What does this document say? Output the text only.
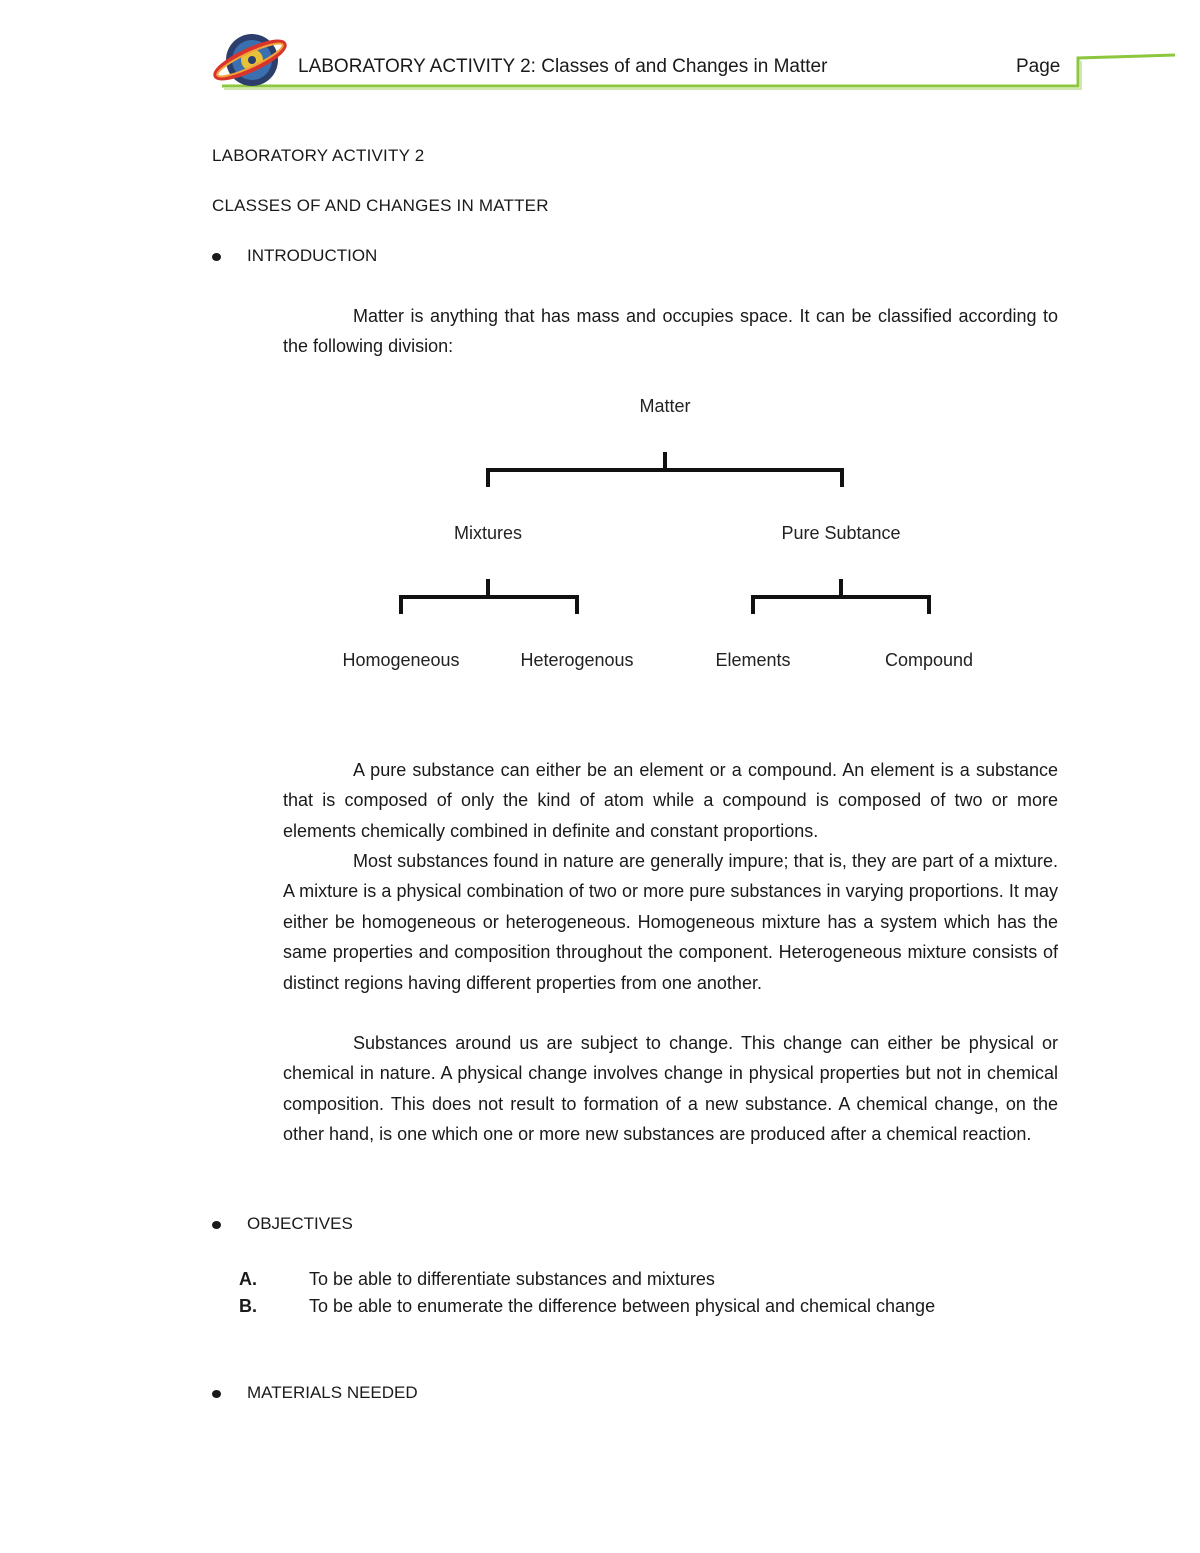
LABORATORY ACTIVITY 2: Classes of and Changes in Matter	Page
LABORATORY ACTIVITY 2
CLASSES OF AND CHANGES IN MATTER
INTRODUCTION
Matter is anything that has mass and occupies space. It can be classified according to the following division:
Matter
Mixtures	Pure Subtance
Homogeneous	Heterogenous	Elements	Compound
A pure substance can either be an element or a compound. An element is a substance that is composed of only the kind of atom while a compound is composed of two or more elements chemically combined in definite and constant proportions.
Most substances found in nature are generally impure; that is, they are part of a mixture. A mixture is a physical combination of two or more pure substances in varying proportions. It may either be homogeneous or heterogeneous. Homogeneous mixture has a system which has the same properties and composition throughout the component. Heterogeneous mixture consists of distinct regions having different properties from one another.
Substances around us are subject to change. This change can either be physical or chemical in nature. A physical change involves change in physical properties but not in chemical composition. This does not result to formation of a new substance. A chemical change, on the other hand, is one which one or more new substances are produced after a chemical reaction.
OBJECTIVES
A.	To be able to differentiate substances and mixtures
B.	To be able to enumerate the difference between physical and chemical change
MATERIALS NEEDED
